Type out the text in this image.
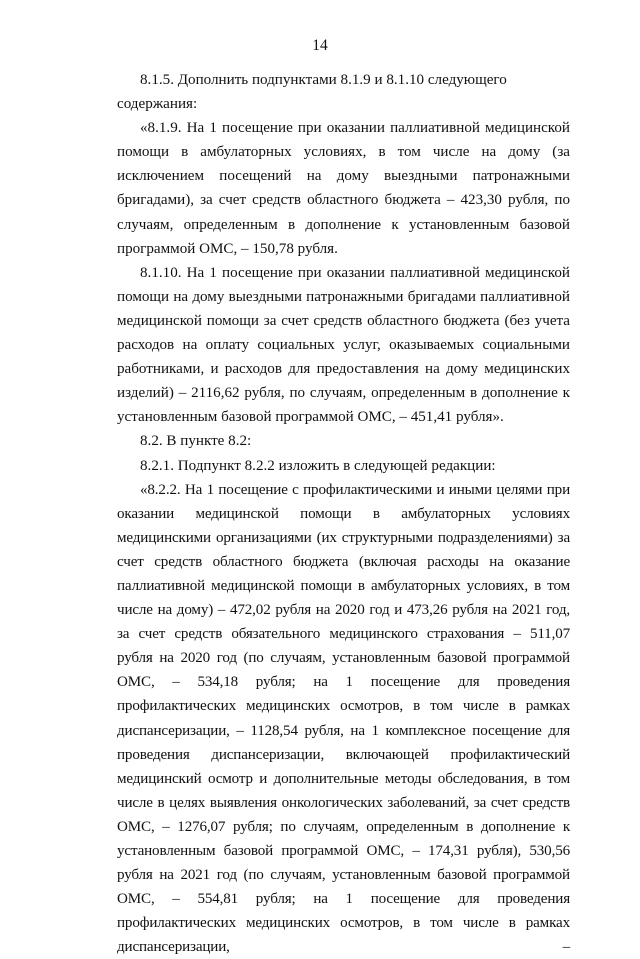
14

8.1.5. Дополнить подпунктами 8.1.9 и 8.1.10 следующего содержания:

«8.1.9. На 1 посещение при оказании паллиативной медицинской помощи в амбулаторных условиях, в том числе на дому (за исключением посещений на дому выездными патронажными бригадами), за счет средств областного бюджета – 423,30 рубля, по случаям, определенным в дополнение к установленным базовой программой ОМС, – 150,78 рубля.

8.1.10. На 1 посещение при оказании паллиативной медицинской помощи на дому выездными патронажными бригадами паллиативной медицинской помощи за счет средств областного бюджета (без учета расходов на оплату социальных услуг, оказываемых социальными работниками, и расходов для предоставления на дому медицинских изделий) – 2116,62 рубля, по случаям, определенным в дополнение к установленным базовой программой ОМС, – 451,41 рубля».

8.2. В пункте 8.2:

8.2.1. Подпункт 8.2.2 изложить в следующей редакции:

«8.2.2. На 1 посещение с профилактическими и иными целями при оказании медицинской помощи в амбулаторных условиях медицинскими организациями (их структурными подразделениями) за счет средств областного бюджета (включая расходы на оказание паллиативной медицинской помощи в амбулаторных условиях, в том числе на дому) – 472,02 рубля на 2020 год и 473,26 рубля на 2021 год, за счет средств обязательного медицинского страхования – 511,07 рубля на 2020 год (по случаям, установленным базовой программой ОМС, – 534,18 рубля; на 1 посещение для проведения профилактических медицинских осмотров, в том числе в рамках диспансеризации, – 1128,54 рубля, на 1 комплексное посещение для проведения диспансеризации, включающей профилактический медицинский осмотр и дополнительные методы обследования, в том числе в целях выявления онкологических заболеваний, за счет средств ОМС, – 1276,07 рубля; по случаям, определенным в дополнение к установленным базовой программой ОМС, – 174,31 рубля), 530,56 рубля на 2021 год (по случаям, установленным базовой программой ОМС, – 554,81 рубля; на 1 посещение для проведения профилактических медицинских осмотров, в том числе в рамках диспансеризации, –
